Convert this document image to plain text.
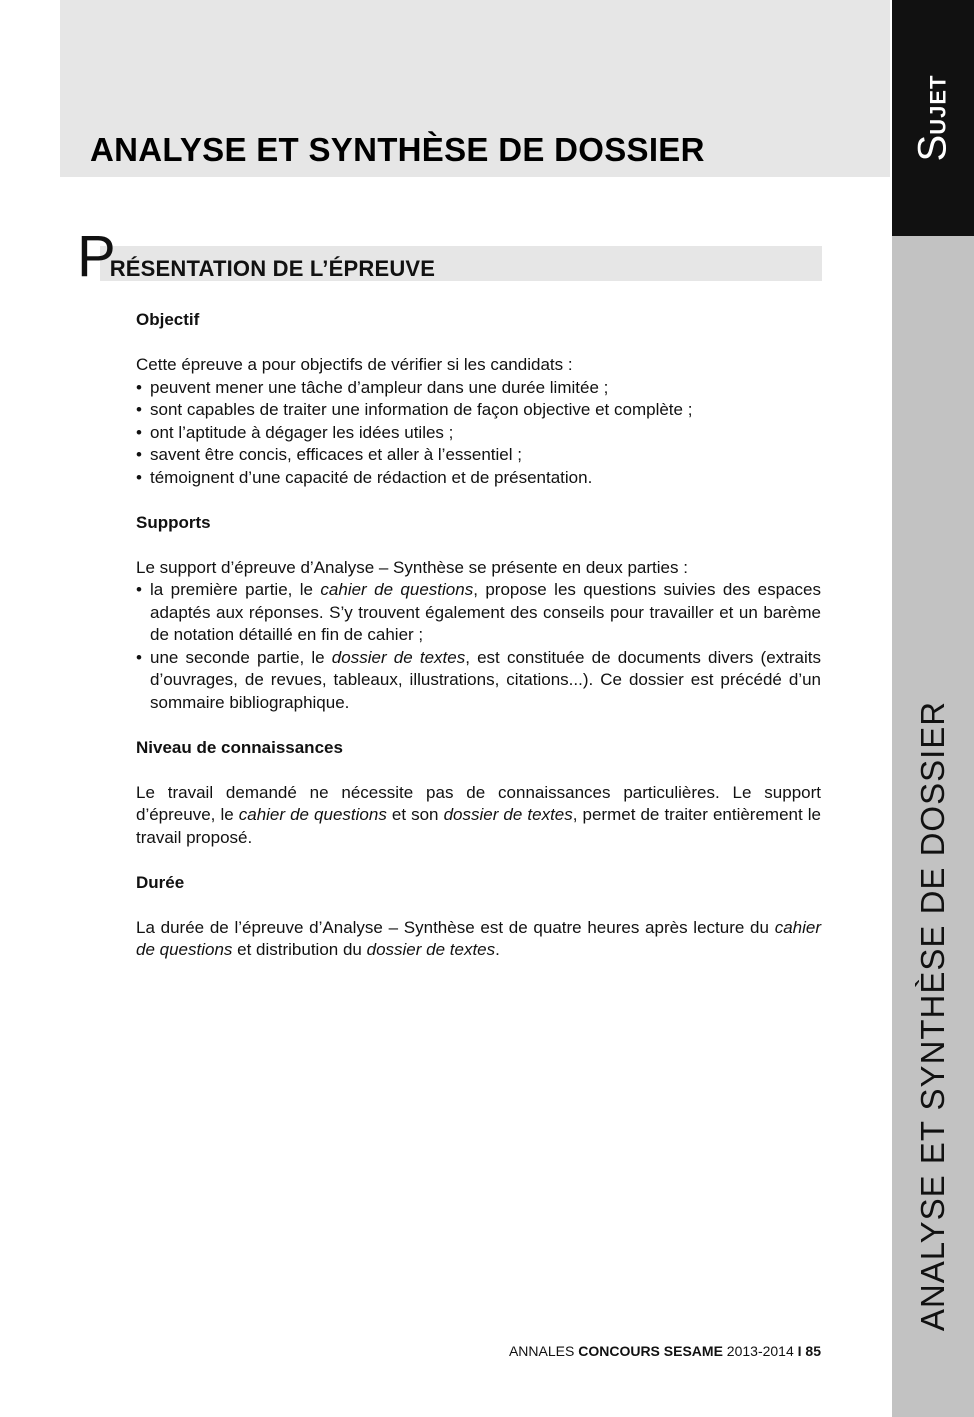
ANALYSE ET SYNTHÈSE DE DOSSIER	SUJET
ANALYSE ET SYNTHÈSE DE DOSSIER
PRÉSENTATION DE L’ÉPREUVE
Objectif

Cette épreuve a pour objectifs de vérifier si les candidats :

• peuvent mener une tâche d’ampleur dans une durée limitée ;
• sont capables de traiter une information de façon objective et complète ;
• ont l’aptitude à dégager les idées utiles ;
• savent être concis, efficaces et aller à l’essentiel ;
• témoignent d’une capacité de rédaction et de présentation.
Supports

Le support d’épreuve d’Analyse – Synthèse se présente en deux parties :

• la première partie, le cahier de questions, propose les questions suivies des espaces adaptés aux réponses. S’y trouvent également des conseils pour travailler et un barème de notation détaillé en fin de cahier ;
• une seconde partie, le dossier de textes, est constituée de documents divers (extraits d’ouvrages, de revues, tableaux, illustrations, citations...). Ce dossier est précédé d’un sommaire bibliographique.
Niveau de connaissances

Le travail demandé ne nécessite pas de connaissances particulières. Le support d’épreuve, le cahier de questions et son dossier de textes, permet de traiter entièrement le travail proposé.

Durée

La durée de l’épreuve d’Analyse – Synthèse est de quatre heures après lecture du cahier de questions et distribution du dossier de textes.

ANNALES CONCOURS SESAME 2013-2014 I 85
